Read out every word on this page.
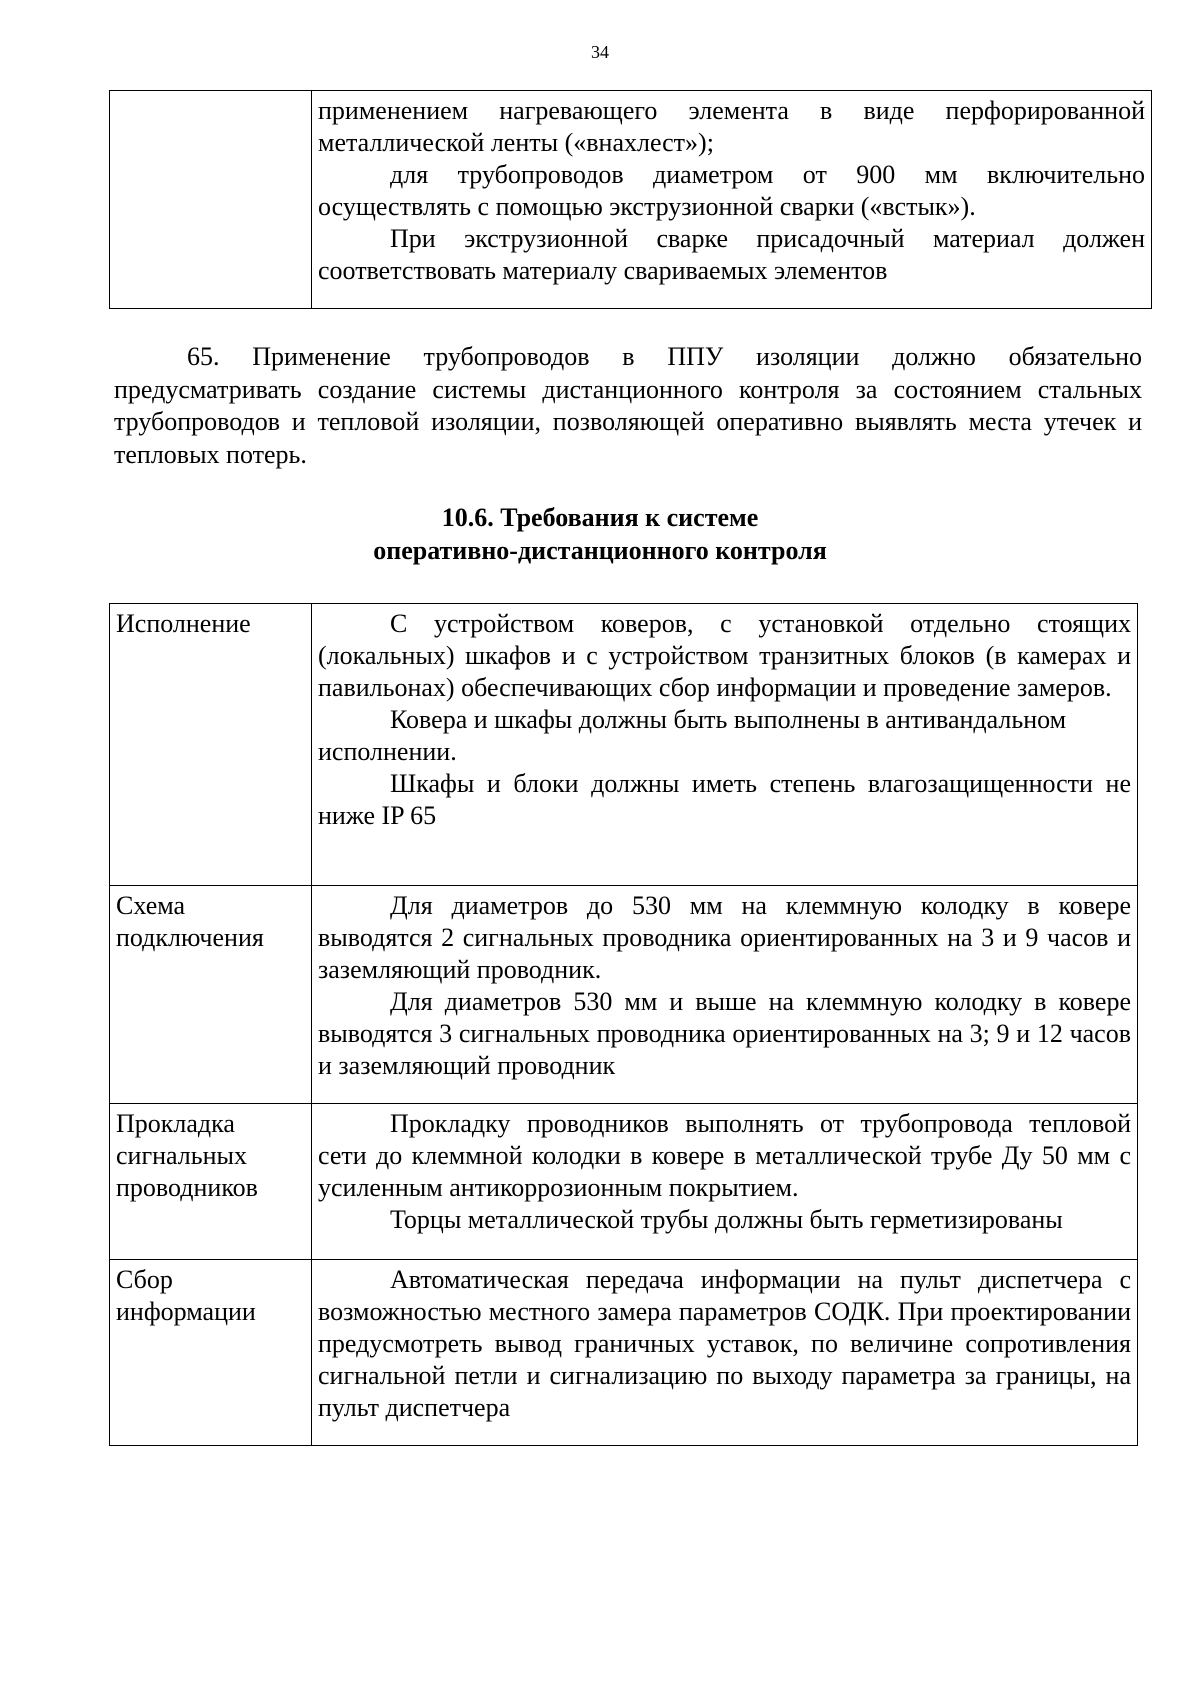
34

применением нагревающего элемента в виде перфорированной металлической ленты («внахлест»);

для трубопроводов диаметром от 900 мм включительно осуществлять с помощью экструзионной сварки («встык»).

При экструзионной сварке присадочный материал должен соответствовать материалу свариваемых элементов

65. Применение трубопроводов в ППУ изоляции должно обязательно предусматривать создание системы дистанционного контроля за состоянием стальных трубопроводов и тепловой изоляции, позволяющей оперативно выявлять места утечек и тепловых потерь.

10.6. Требования к системе
оперативно-дистанционного контроля
Исполнение	С устройством коверов, с установкой отдельно стоящих (локальных) шкафов и с устройством транзитных блоков (в камерах и павильонах) обеспечивающих сбор информации и проведение замеров.

Ковера и шкафы должны быть выполнены в антивандальном исполнении.

Шкафы и блоки должны иметь степень влагозащищенности не ниже IP 65

Схема подключения	Для диаметров до 530 мм на клеммную колодку в ковере выводятся 2 сигнальных проводника ориентированных на 3 и 9 часов и заземляющий проводник.

Для диаметров 530 мм и выше на клеммную колодку в ковере выводятся 3 сигнальных проводника ориентированных на 3; 9 и 12 часов и заземляющий проводник

Прокладка сигнальных проводников	Прокладку проводников выполнять от трубопровода тепловой сети до клеммной колодки в ковере в металлической трубе Ду 50 мм с усиленным антикоррозионным покрытием.

Торцы металлической трубы должны быть герметизированы

Сбор информации	Автоматическая передача информации на пульт диспетчера с возможностью местного замера параметров СОДК. При проектировании предусмотреть вывод граничных уставок, по величине сопротивления сигнальной петли и сигнализацию по выходу параметра за границы, на пульт диспетчера
